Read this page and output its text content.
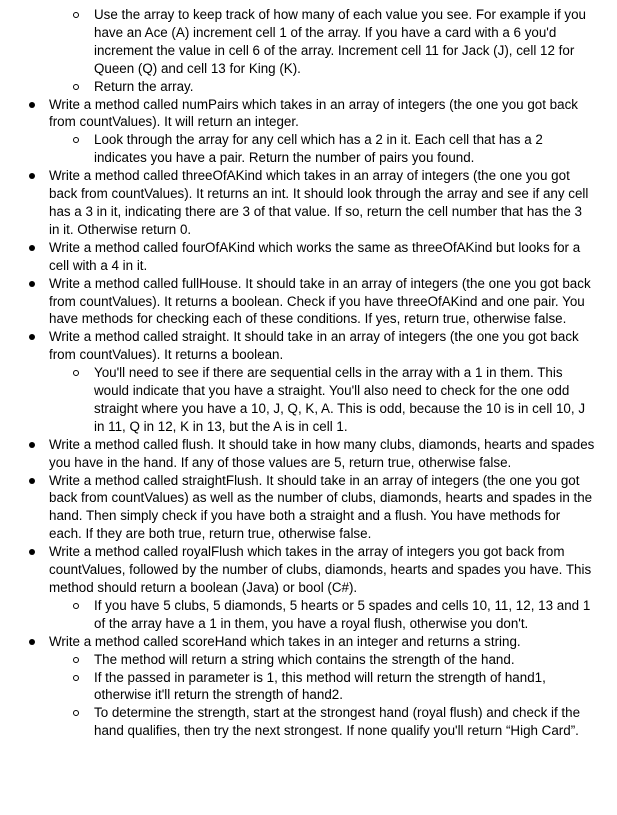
Use the array to keep track of how many of each value you see. For example if you have an Ace (A) increment cell 1 of the array. If you have a card with a 6 you'd increment the value in cell 6 of the array. Increment cell 11 for Jack (J), cell 12 for Queen (Q) and cell 13 for King (K).
Return the array.
Write a method called numPairs which takes in an array of integers (the one you got back from countValues). It will return an integer.
Look through the array for any cell which has a 2 in it. Each cell that has a 2 indicates you have a pair. Return the number of pairs you found.
Write a method called threeOfAKind which takes in an array of integers (the one you got back from countValues). It returns an int. It should look through the array and see if any cell has a 3 in it, indicating there are 3 of that value. If so, return the cell number that has the 3 in it. Otherwise return 0.
Write a method called fourOfAKind which works the same as threeOfAKind but looks for a cell with a 4 in it.
Write a method called fullHouse. It should take in an array of integers (the one you got back from countValues). It returns a boolean. Check if you have threeOfAKind and one pair. You have methods for checking each of these conditions. If yes, return true, otherwise false.
Write a method called straight. It should take in an array of integers (the one you got back from countValues). It returns a boolean.
You'll need to see if there are sequential cells in the array with a 1 in them. This would indicate that you have a straight. You'll also need to check for the one odd straight where you have a 10, J, Q, K, A. This is odd, because the 10 is in cell 10, J in 11, Q in 12, K in 13, but the A is in cell 1.
Write a method called flush. It should take in how many clubs, diamonds, hearts and spades you have in the hand. If any of those values are 5, return true, otherwise false.
Write a method called straightFlush. It should take in an array of integers (the one you got back from countValues) as well as the number of clubs, diamonds, hearts and spades in the hand. Then simply check if you have both a straight and a flush. You have methods for each. If they are both true, return true, otherwise false.
Write a method called royalFlush which takes in the array of integers you got back from countValues, followed by the number of clubs, diamonds, hearts and spades you have. This method should return a boolean (Java) or bool (C#).
If you have 5 clubs, 5 diamonds, 5 hearts or 5 spades and cells 10, 11, 12, 13 and 1 of the array have a 1 in them, you have a royal flush, otherwise you don't.
Write a method called scoreHand which takes in an integer and returns a string.
The method will return a string which contains the strength of the hand.
If the passed in parameter is 1, this method will return the strength of hand1, otherwise it'll return the strength of hand2.
To determine the strength, start at the strongest hand (royal flush) and check if the hand qualifies, then try the next strongest. If none qualify you'll return “High Card”.
